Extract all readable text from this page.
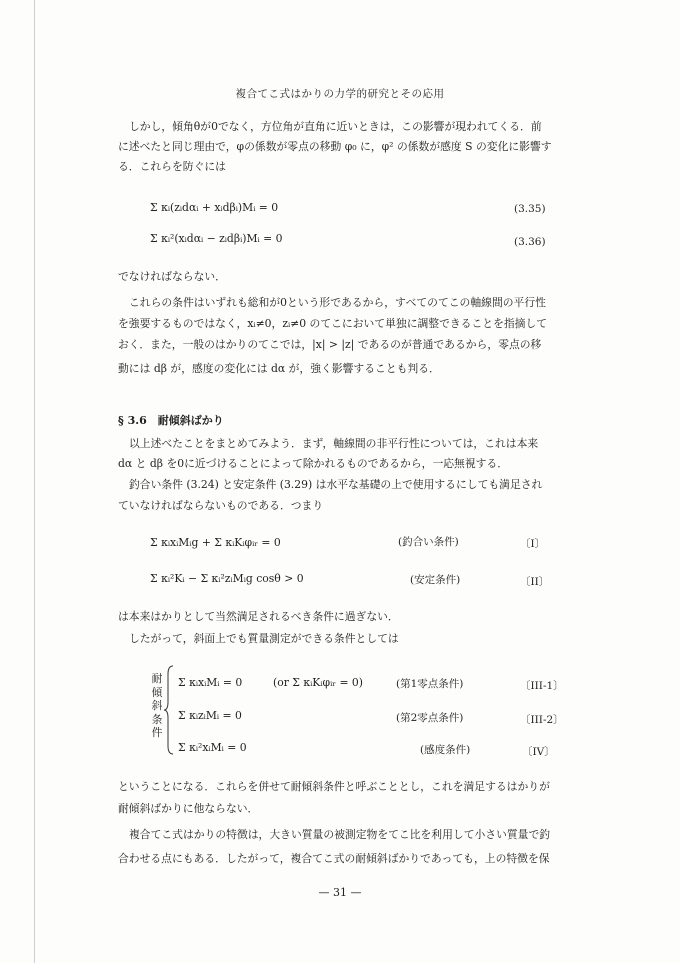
複合てこ式はかりの力学的研究とその応用
しかし，傾角θが0でなく，方位角が直角に近いときは，この影響が現われてくる．前
に述べたと同じ理由で，φの係数が零点の移動 φ₀ に，φ² の係数が感度 S の変化に影響す
る．これらを防ぐには
Σ κᵢ(zᵢdαᵢ + xᵢdβᵢ)Mᵢ = 0	(3.35)
Σ κᵢ²(xᵢdαᵢ − zᵢdβᵢ)Mᵢ = 0	(3.36)
でなければならない．
これらの条件はいずれも総和が0という形であるから，すべてのてこの軸線間の平行性
を強要するものではなく，xᵢ≠0，zᵢ≠0 のてこにおいて単独に調整できることを指摘して
おく．また，一般のはかりのてこでは，|x| > |z| であるのが普通であるから，零点の移
動には dβ が，感度の変化には dα が，強く影響することも判る．
§ 3.6　耐傾斜ばかり
以上述べたことをまとめてみよう．まず，軸線間の非平行性については，これは本来
dα と dβ を0に近づけることによって除かれるものであるから，一応無視する．
釣合い条件 (3.24) と安定条件 (3.29) は水平な基礎の上で使用するにしても満足され
ていなければならないものである．つまり
Σ κᵢxᵢMᵢg + Σ κᵢKᵢφᵢᵣ = 0	(釣合い条件)	〔I〕
Σ κᵢ²Kᵢ − Σ κᵢ²zᵢMᵢg cosθ > 0	(安定条件)	〔II〕
は本来はかりとして当然満足されるべき条件に過ぎない．
したがって，斜面上でも質量測定ができる条件としては
耐傾斜条件
Σ κᵢxᵢMᵢ = 0	(or Σ κᵢKᵢφᵢᵣ = 0)	(第1零点条件)	〔III-1〕
Σ κᵢzᵢMᵢ = 0	(第2零点条件)	〔III-2〕
Σ κᵢ²xᵢMᵢ = 0	(感度条件)	〔IV〕
ということになる．これらを併せて耐傾斜条件と呼ぶこととし，これを満足するはかりが
耐傾斜ばかりに他ならない．
複合てこ式はかりの特徴は，大きい質量の被測定物をてこ比を利用して小さい質量で釣
合わせる点にもある．したがって，複合てこ式の耐傾斜ばかりであっても，上の特徴を保
— 31 —
